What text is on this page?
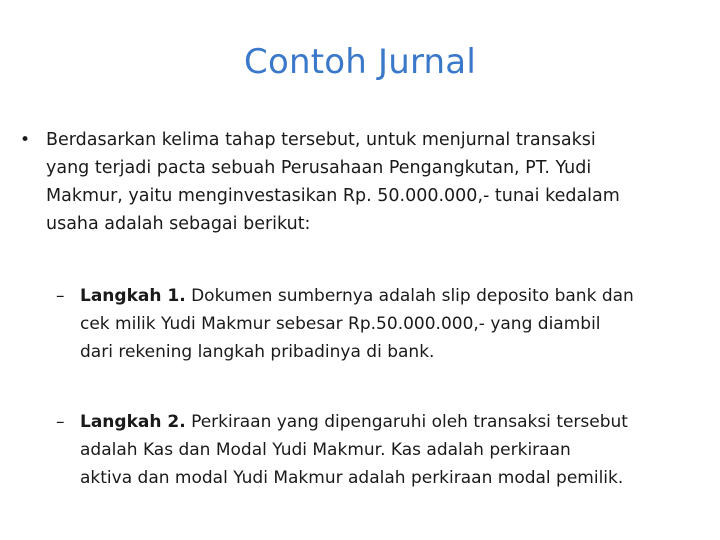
Contoh Jurnal
• Berdasarkan kelima tahap tersebut, untuk menjurnal transaksi
yang terjadi pacta sebuah Perusahaan Pengangkutan, PT. Yudi
Makmur, yaitu menginvestasikan Rp. 50.000.000,- tunai kedalam
usaha adalah sebagai berikut:
– Langkah 1. Dokumen sumbernya adalah slip deposito bank dan
cek milik Yudi Makmur sebesar Rp.50.000.000,- yang diambil
dari rekening langkah pribadinya di bank.
– Langkah 2. Perkiraan yang dipengaruhi oleh transaksi tersebut
adalah Kas dan Modal Yudi Makmur. Kas adalah perkiraan
aktiva dan modal Yudi Makmur adalah perkiraan modal pemilik.
